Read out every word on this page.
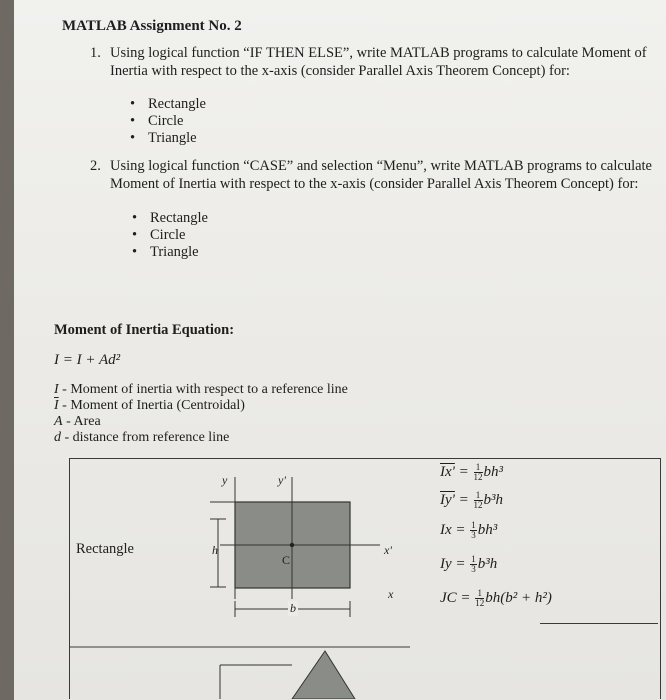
MATLAB Assignment No. 2
1. Using logical function “IF THEN ELSE”, write MATLAB programs to calculate Moment of
Inertia with respect to the x-axis (consider Parallel Axis Theorem Concept) for:
• Rectangle
• Circle
• Triangle
2. Using logical function “CASE” and selection “Menu”, write MATLAB programs to calculate
Moment of Inertia with respect to the x-axis (consider Parallel Axis Theorem Concept) for:
• Rectangle
• Circle
• Triangle
Moment of Inertia Equation:
I = I + Ad²
I - Moment of inertia with respect to a reference line
$\overline{I}$ - Moment of Inertia (Centroidal)
A - Area
d - distance from reference line
Rectangle
y	y'
h
C
x'
x
b
$Ix' = \frac{1}{12} bh^3$
$Iy' = \frac{1}{12} b^3h$
$Ix = \frac{1}{3} bh^3$
$Iy = \frac{1}{3} b^3h$
JC = $\frac{1}{12} bh(b^2 + h^2)$
